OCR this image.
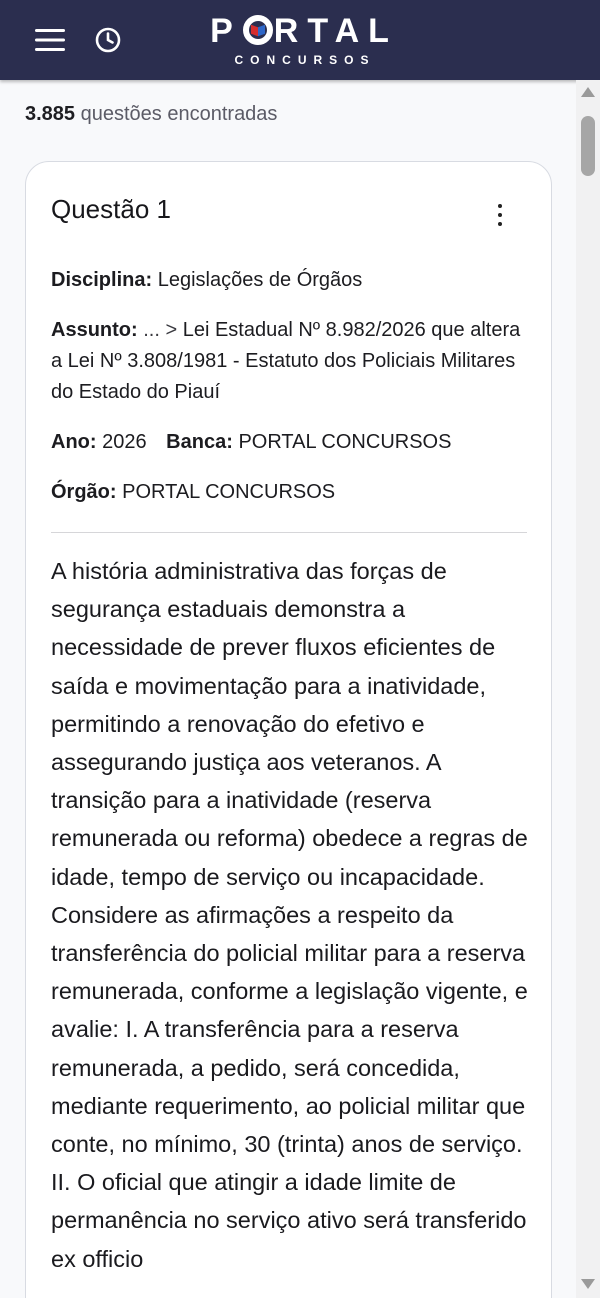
P RTAL
CONCURSOS
3.885 questões encontradas
Questão 1
Disciplina: Legislações de Órgãos
Assunto: ... > Lei Estadual Nº 8.982/2026 que altera a Lei Nº 3.808/1981 - Estatuto dos Policiais Militares do Estado do Piauí
Ano: 2026 Banca: PORTAL CONCURSOS
Órgão: PORTAL CONCURSOS
A história administrativa das forças de segurança estaduais demonstra a necessidade de prever fluxos eficientes de saída e movimentação para a inatividade, permitindo a renovação do efetivo e assegurando justiça aos veteranos. A transição para a inatividade (reserva remunerada ou reforma) obedece a regras de idade, tempo de serviço ou incapacidade. Considere as afirmações a respeito da transferência do policial militar para a reserva remunerada, conforme a legislação vigente, e avalie: I. A transferência para a reserva remunerada, a pedido, será concedida, mediante requerimento, ao policial militar que conte, no mínimo, 30 (trinta) anos de serviço. II. O oficial que atingir a idade limite de permanência no serviço ativo será transferido ex officio
